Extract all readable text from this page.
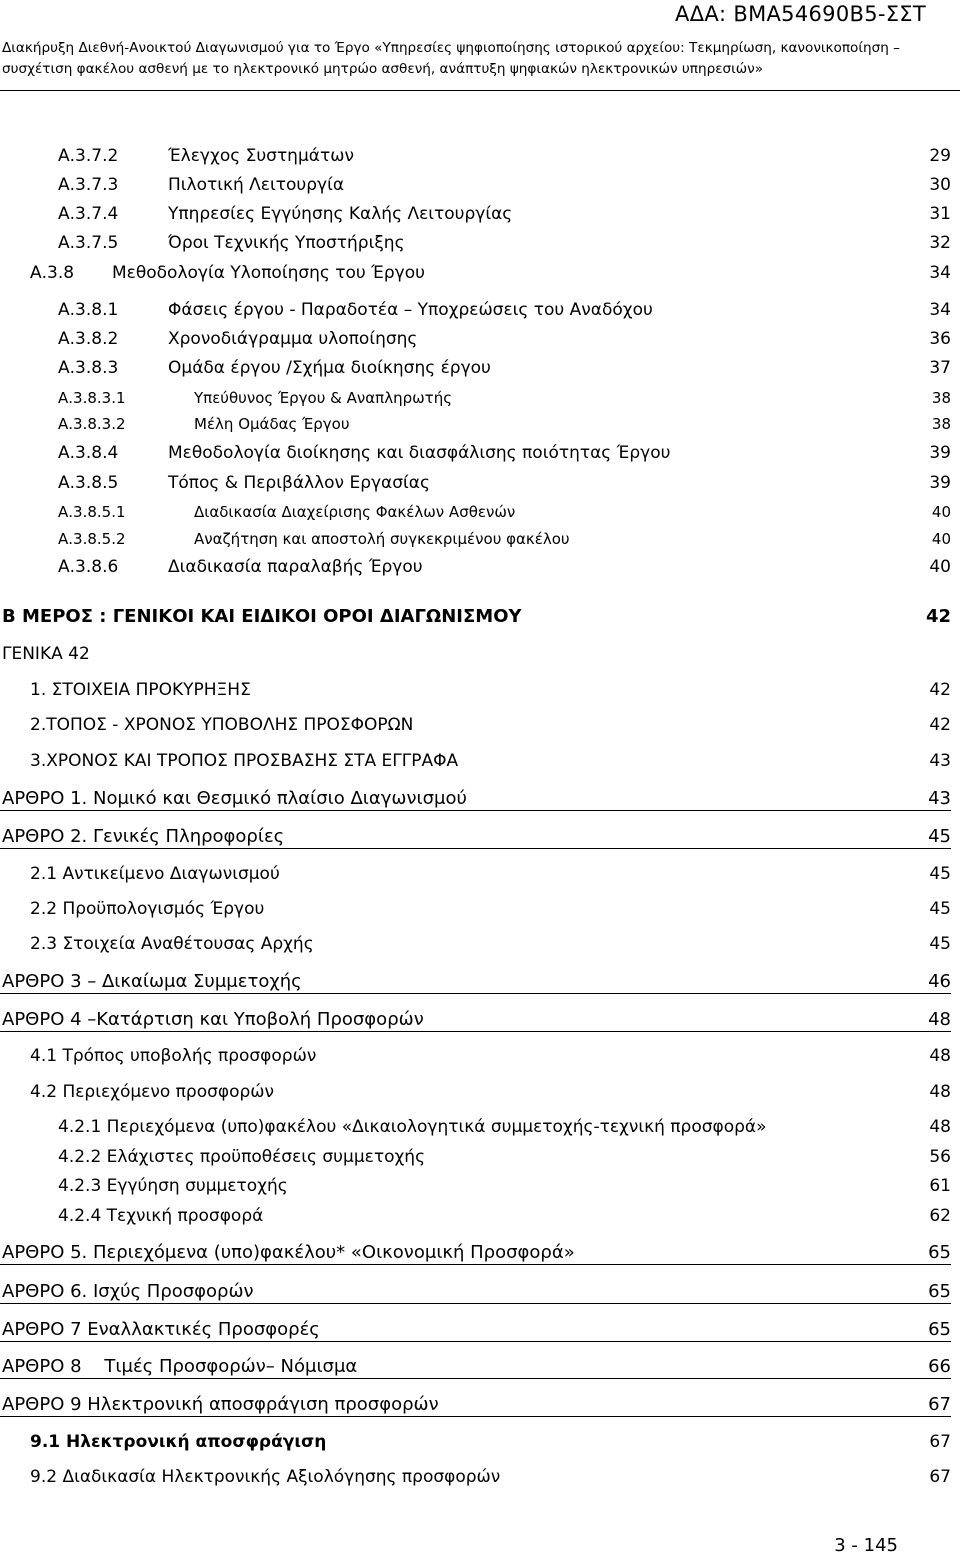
ΑΔΑ: ΒΜΑ54690Β5-ΣΣΤ
Διακήρυξη Διεθνή-Ανοικτού Διαγωνισμού για το Έργο «Υπηρεσίες ψηφιοποίησης ιστορικού αρχείου: Τεκμηρίωση, κανονικοποίηση –
συσχέτιση φακέλου ασθενή με το ηλεκτρονικό μητρώο ασθενή, ανάπτυξη ψηφιακών ηλεκτρονικών υπηρεσιών»
Α.3.7.2	Έλεγχος Συστημάτων	29
Α.3.7.3	Πιλοτική Λειτουργία	30
Α.3.7.4	Υπηρεσίες Εγγύησης Καλής Λειτουργίας	31
Α.3.7.5	Όροι Τεχνικής Υποστήριξης	32
Α.3.8 Μεθοδολογία Υλοποίησης του Έργου	34
Α.3.8.1	Φάσεις έργου - Παραδοτέα – Υποχρεώσεις του Αναδόχου	34
Α.3.8.2	Χρονοδιάγραμμα υλοποίησης	36
Α.3.8.3	Ομάδα έργου /Σχήμα διοίκησης έργου	37
Α.3.8.3.1	Υπεύθυνος Έργου & Αναπληρωτής	38
Α.3.8.3.2	Μέλη Ομάδας Έργου	38
Α.3.8.4	Μεθοδολογία διοίκησης και διασφάλισης ποιότητας Έργου	39
Α.3.8.5	Τόπος & Περιβάλλον Εργασίας	39
Α.3.8.5.1	Διαδικασία Διαχείρισης Φακέλων Ασθενών	40
Α.3.8.5.2	Αναζήτηση και αποστολή συγκεκριμένου φακέλου	40
Α.3.8.6	Διαδικασία παραλαβής Έργου	40
Β ΜΕΡΟΣ : ΓΕΝΙΚΟΙ ΚΑΙ ΕΙΔΙΚΟΙ ΟΡΟΙ ΔΙΑΓΩΝΙΣΜΟΥ	42
ΓΕΝΙΚΑ 42
1. ΣΤΟΙΧΕΙΑ ΠΡΟΚΥΡΗΞΗΣ	42
2.ΤΟΠΟΣ - ΧΡΟΝΟΣ ΥΠΟΒΟΛΗΣ ΠΡΟΣΦΟΡΩΝ	42
3.ΧΡΟΝΟΣ ΚΑΙ ΤΡΟΠΟΣ ΠΡΟΣΒΑΣΗΣ ΣΤΑ ΕΓΓΡΑΦΑ	43
ΑΡΘΡΟ 1. Νομικό και Θεσμικό πλαίσιο Διαγωνισμού	43
ΑΡΘΡΟ 2. Γενικές Πληροφορίες	45
2.1 Αντικείμενο Διαγωνισμού	45
2.2 Προϋπολογισμός Έργου	45
2.3 Στοιχεία Αναθέτουσας Αρχής	45
ΑΡΘΡΟ 3 – Δικαίωμα Συμμετοχής	46
ΑΡΘΡΟ 4 –Κατάρτιση και Υποβολή Προσφορών	48
4.1 Τρόπος υποβολής προσφορών	48
4.2 Περιεχόμενο προσφορών	48
4.2.1 Περιεχόμενα (υπο)φακέλου «Δικαιολογητικά συμμετοχής-τεχνική προσφορά»	48
4.2.2 Ελάχιστες προϋποθέσεις συμμετοχής	56
4.2.3 Εγγύηση συμμετοχής	61
4.2.4 Τεχνική προσφορά	62
ΑΡΘΡΟ 5. Περιεχόμενα (υπο)φακέλου* «Οικονομική Προσφορά»	65
ΑΡΘΡΟ 6. Ισχύς Προσφορών	65
ΑΡΘΡΟ 7 Εναλλακτικές Προσφορές	65
ΑΡΘΡΟ 8    Τιμές Προσφορών– Νόμισμα	66
ΑΡΘΡΟ 9 Ηλεκτρονική αποσφράγιση προσφορών	67
9.1 Ηλεκτρονική αποσφράγιση	67
9.2 Διαδικασία Ηλεκτρονικής Αξιολόγησης προσφορών	67
3 - 145
